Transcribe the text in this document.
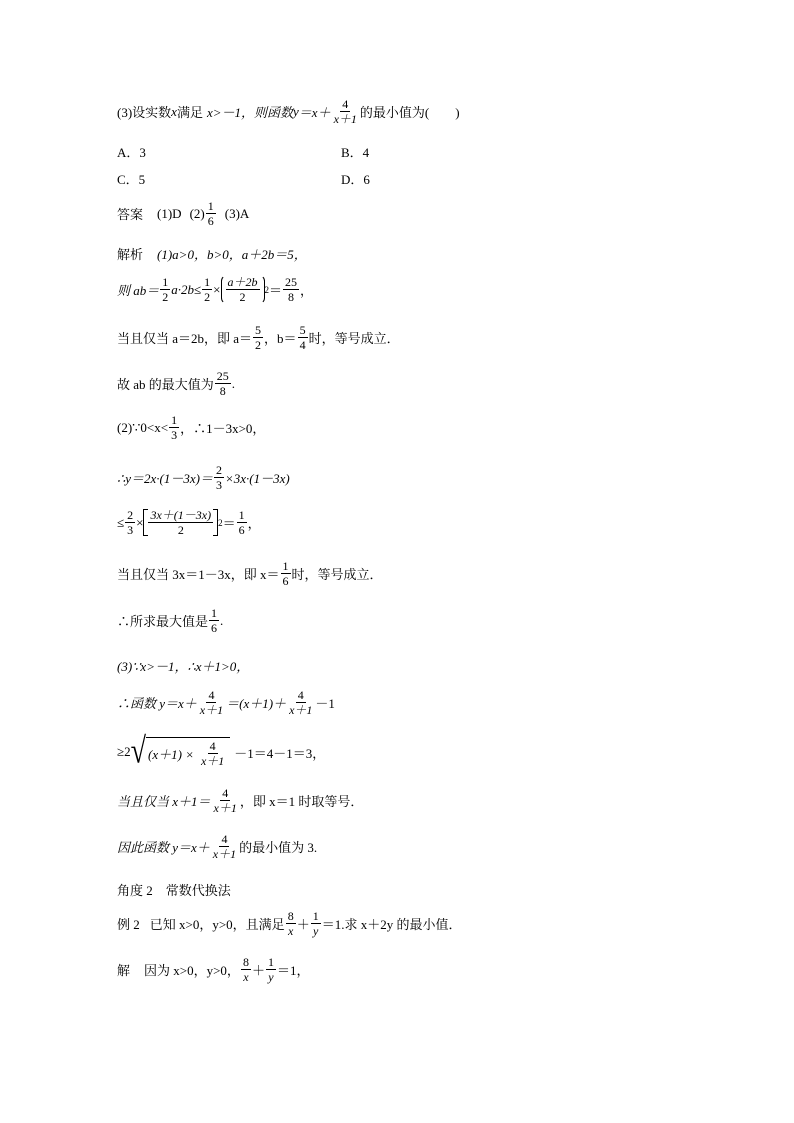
(3)设实数 x 满足 x>－1，则函数 $y =x+ \frac{4}{x+1}$ 的最小值为(　　)
A．3	B．4
C．5	D．6
答案 (1)D $(2) \frac{1}{6} (3)A$
解析 (1)a>0，b>0，a＋2b＝5，
则 $ab= \frac{1}{2} a\cdot 2b\le \frac{1}{2} \times \frac{a+2b}{2} 2 = \frac{25}{8}$ ，
当且仅当 a＝2b，即 $a= \frac{5}{2}$ ，$b= \frac{5}{4}$ 时，等号成立．
故 ab 的最大值为 $\frac{25}{8}$ .
(2)∵0<x< $\frac{1}{3}$ ，∴1－3x>0，
∴y＝2x·(1－3x)＝ $\frac{2}{3} \times 3x\cdot(1-3x)$
≤ $\frac{2}{3} \times \frac{3x+(1-3x)}{2} 2 = \frac{1}{6}$ ，
当且仅当 3x＝1－3x，即 $x= \frac{1}{6}$ 时，等号成立．
∴所求最大值是 $\frac{1}{6}$ .
(3)∵x>－1，∴x＋1>0，
∴函数 $y=x+ \frac{4}{x+1} =(x+1)+ \frac{4}{x+1} -1$
≥2 √ $(x+1) \times \frac{4}{x+1} -1=4-1=3$，
当且仅当 $x+1= \frac{4}{x+1}$ ，即 x＝1 时取等号．
因此函数 $y=x+ \frac{4}{x+1}$ 的最小值为 3.
角度 2　常数代换法
例 2 已知 x>0，y>0，且满足 $\frac{8}{x} + \frac{1}{y} =1$.求 x＋2y 的最小值．
解 因为 x>0，y>0， $\frac{8}{x} + \frac{1}{y} =1$，
